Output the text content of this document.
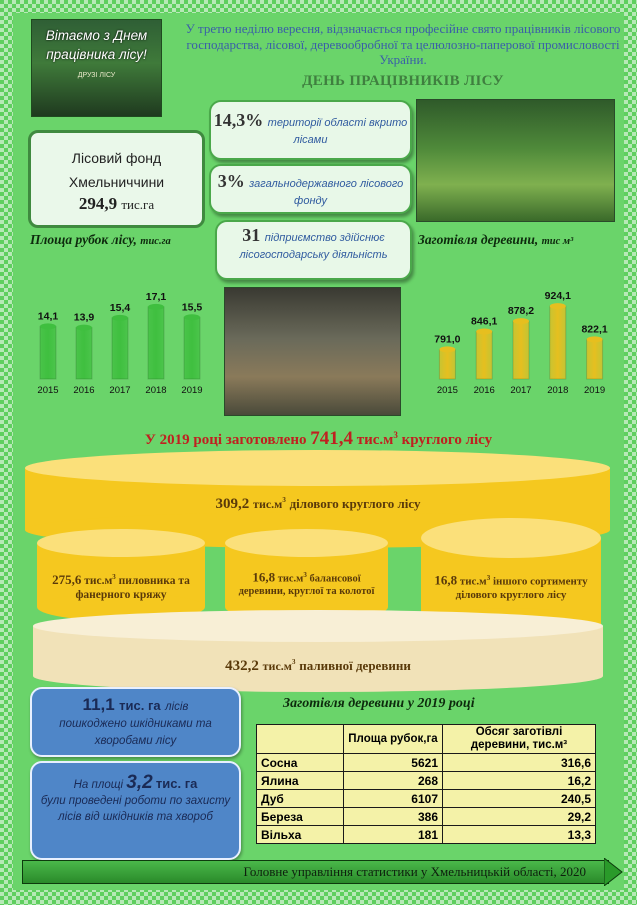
Вітаємо з Днем працівника лісу!
ДРУЗІ ЛІСУ
У третю неділю вересня, відзначається професійне свято працівників лісового господарства, лісової, деревообробної та целюлозно-паперової промисловості України.
ДЕНЬ ПРАЦІВНИКІВ ЛІСУ
Лісовий фонд Хмельниччини
294,9 тис.га
14,3% території області вкрито лісами
3% загальнодержавного лісового фонду
31 підприємство здійснює лісогосподарську діяльність
Площа рубок лісу, тис.га
14,1
2015
13,9
2016
15,4
2017
17,1
2018
15,5
2019
Заготівля деревини, тис м³
791,0
2015
846,1
2016
878,2
2017
924,1
2018
822,1
2019
У 2019 році заготовлено 741,4 $тис.м^3$ круглого лісу
309,2 $тис.м^3$ ділового круглого лісу
275,6 $тис.м^3$ пиловника та фанерного кряжу
16,8 $тис.м^3$ балансової деревини, круглої та колотої
16,8 $тис.м^3$ іншого сортименту ділового круглого лісу
432,2 $тис.м^3$ паливної деревини
11,1 тис. га лісів
пошкоджено шкідниками та хворобами лісу
На площі 3,2 тис. га
були проведені роботи по захисту лісів від шкідників та хвороб
Заготівля деревини у 2019 році
	Площа рубок,га	Обсяг заготівлі деревини, тис.м³
Сосна	5621	316,6
Ялина	268	16,2
Дуб	6107	240,5
Береза	386	29,2
Вільха	181	13,3
Головне управління статистики у Хмельницькій області, 2020
